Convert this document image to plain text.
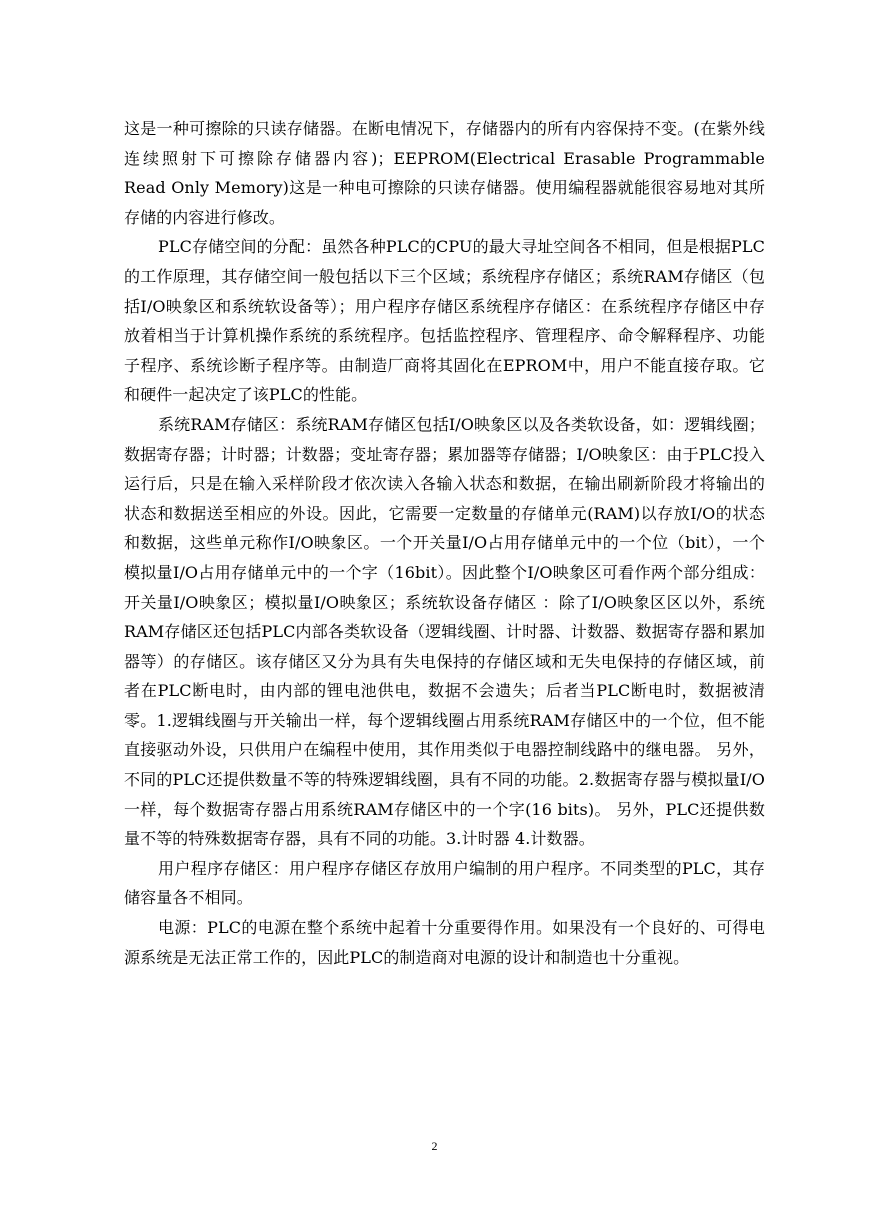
这是一种可擦除的只读存储器。在断电情况下，存储器内的所有内容保持不变。(在紫外线连续照射下可擦除存储器内容)；EEPROM(Electrical Erasable Programmable Read Only Memory)这是一种电可擦除的只读存储器。使用编程器就能很容易地对其所存储的内容进行修改。

PLC存储空间的分配：虽然各种PLC的CPU的最大寻址空间各不相同，但是根据PLC的工作原理，其存储空间一般包括以下三个区域；系统程序存储区；系统RAM存储区（包括I/O映象区和系统软设备等）；用户程序存储区系统程序存储区：在系统程序存储区中存放着相当于计算机操作系统的系统程序。包括监控程序、管理程序、命令解释程序、功能子程序、系统诊断子程序等。由制造厂商将其固化在EPROM中，用户不能直接存取。它和硬件一起决定了该PLC的性能。

系统RAM存储区：系统RAM存储区包括I/O映象区以及各类软设备，如：逻辑线圈；数据寄存器；计时器；计数器；变址寄存器；累加器等存储器；I/O映象区：由于PLC投入运行后，只是在输入采样阶段才依次读入各输入状态和数据，在输出刷新阶段才将输出的状态和数据送至相应的外设。因此，它需要一定数量的存储单元(RAM)以存放I/O的状态和数据，这些单元称作I/O映象区。一个开关量I/O占用存储单元中的一个位（bit），一个模拟量I/O占用存储单元中的一个字（16bit）。因此整个I/O映象区可看作两个部分组成：开关量I/O映象区；模拟量I/O映象区；系统软设备存储区 ：除了I/O映象区区以外，系统RAM存储区还包括PLC内部各类软设备（逻辑线圈、计时器、计数器、数据寄存器和累加器等）的存储区。该存储区又分为具有失电保持的存储区域和无失电保持的存储区域，前者在PLC断电时，由内部的锂电池供电，数据不会遗失；后者当PLC断电时，数据被清零。1.逻辑线圈与开关输出一样，每个逻辑线圈占用系统RAM存储区中的一个位，但不能直接驱动外设，只供用户在编程中使用，其作用类似于电器控制线路中的继电器。 另外，不同的PLC还提供数量不等的特殊逻辑线圈，具有不同的功能。2.数据寄存器与模拟量I/O一样，每个数据寄存器占用系统RAM存储区中的一个字(16 bits)。 另外，PLC还提供数量不等的特殊数据寄存器，具有不同的功能。3.计时器 4.计数器。

用户程序存储区：用户程序存储区存放用户编制的用户程序。不同类型的PLC，其存储容量各不相同。

电源：PLC的电源在整个系统中起着十分重要得作用。如果没有一个良好的、可得电源系统是无法正常工作的，因此PLC的制造商对电源的设计和制造也十分重视。

2
